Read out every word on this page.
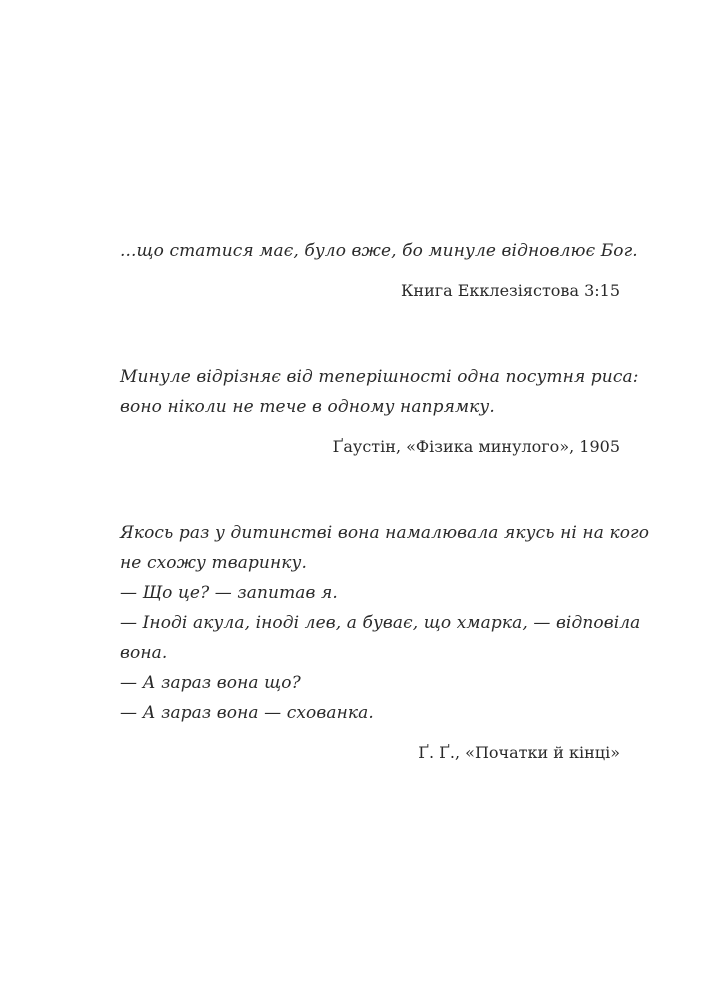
...що статися має, було вже, бо минуле відновлює Бог.
Книга Екклезіястова 3:15
Минуле відрізняє від теперішності одна посутня риса:
воно ніколи не тече в одному напрямку.
Ґаустін, «Фізика минулого», 1905
Якось раз у дитинстві вона намалювала якусь ні на кого
не схожу тваринку.
— Що це? — запитав я.
— Іноді акула, іноді лев, а буває, що хмарка, — відповіла
вона.
— А зараз вона що?
— А зараз вона — схованка.
Ґ. Ґ., «Початки й кінці»
